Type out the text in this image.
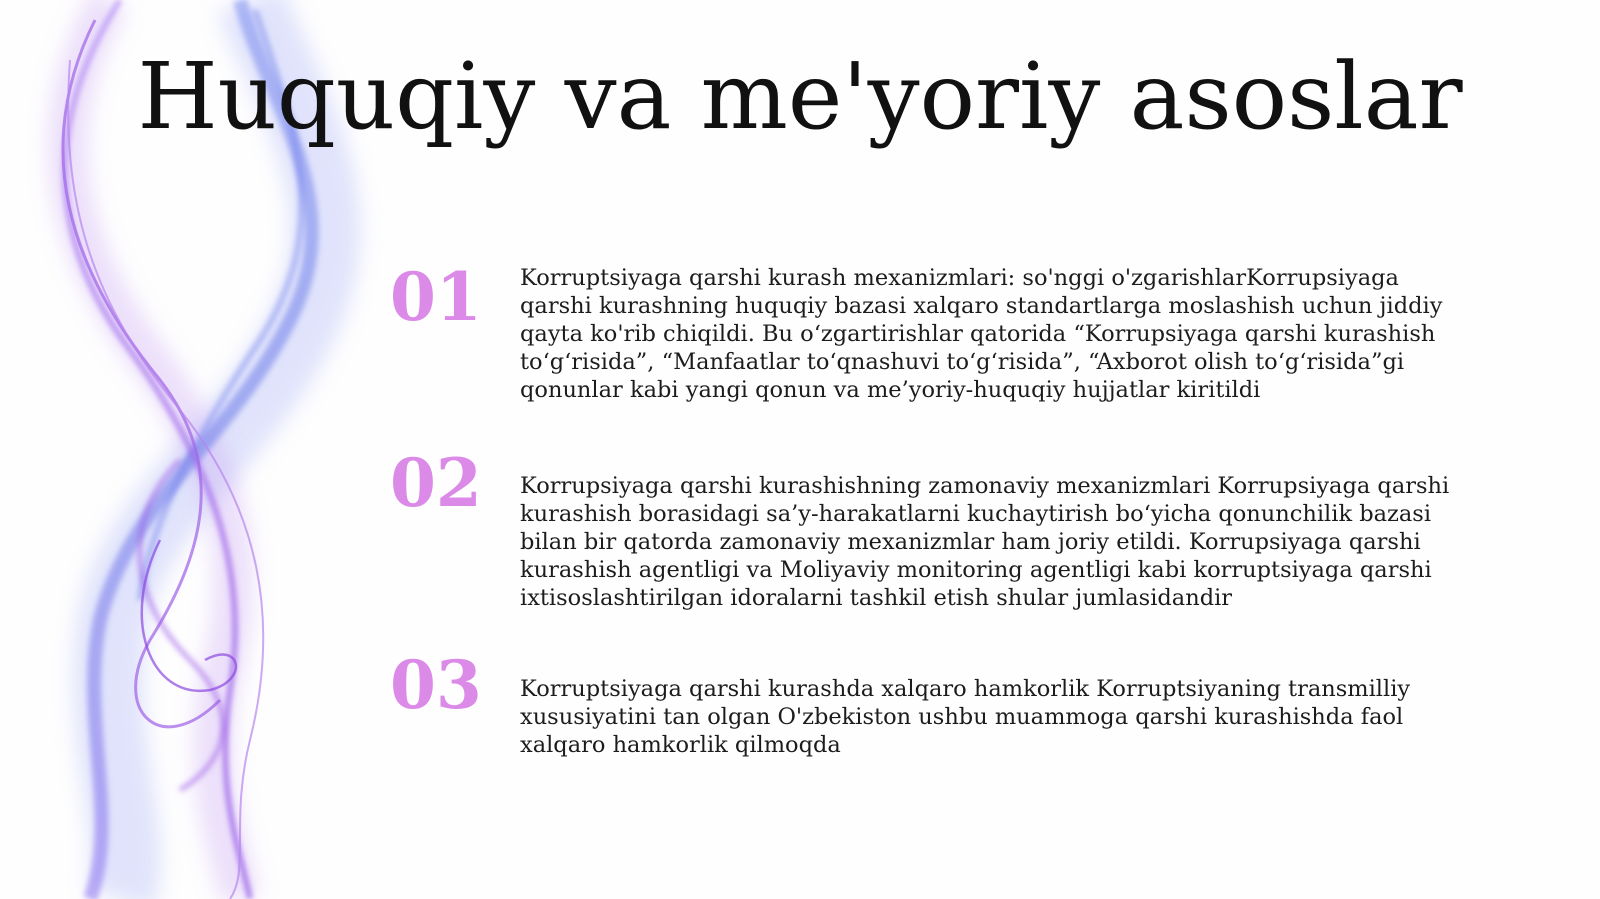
Huquqiy va me'yoriy asoslar
01	Korruptsiyaga qarshi kurash mexanizmlari: so'nggi o'zgarishlarKorrupsiyaga qarshi kurashning huquqiy bazasi xalqaro standartlarga moslashish uchun jiddiy qayta ko'rib chiqildi. Bu o‘zgartirishlar qatorida “Korrupsiyaga qarshi kurashish to‘g‘risida”, “Manfaatlar to‘qnashuvi to‘g‘risida”, “Axborot olish to‘g‘risida”gi qonunlar kabi yangi qonun va me’yoriy-huquqiy hujjatlar kiritildi
02	Korrupsiyaga qarshi kurashishning zamonaviy mexanizmlari Korrupsiyaga qarshi kurashish borasidagi sa’y-harakatlarni kuchaytirish bo‘yicha qonunchilik bazasi bilan bir qatorda zamonaviy mexanizmlar ham joriy etildi. Korrupsiyaga qarshi kurashish agentligi va Moliyaviy monitoring agentligi kabi korruptsiyaga qarshi ixtisoslashtirilgan idoralarni tashkil etish shular jumlasidandir
03	Korruptsiyaga qarshi kurashda xalqaro hamkorlik Korruptsiyaning transmilliy xususiyatini tan olgan O'zbekiston ushbu muammoga qarshi kurashishda faol xalqaro hamkorlik qilmoqda
